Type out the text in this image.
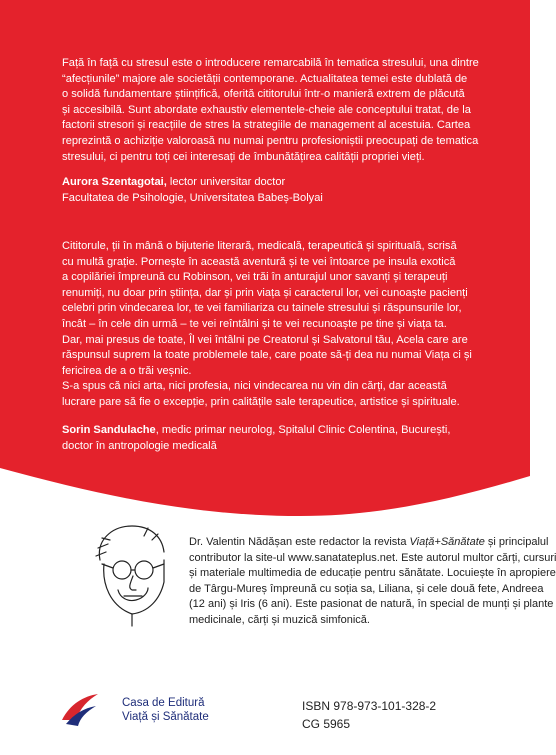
Față în față cu stresul este o introducere remarcabilă în tematica stresului, una dintre
“afecțiunile” majore ale societății contemporane. Actualitatea temei este dublată de
o solidă fundamentare științifică, oferită cititorului într-o manieră extrem de plăcută
și accesibilă. Sunt abordate exhaustiv elementele-cheie ale conceptului tratat, de la
factorii stresori și reacțiile de stres la strategiile de management al acestuia. Cartea
reprezintă o achiziție valoroasă nu numai pentru profesioniștii preocupați de tematica
stresului, ci pentru toți cei interesați de îmbunătățirea calității propriei vieți.
Aurora Szentagotai, lector universitar doctor
Facultatea de Psihologie, Universitatea Babeș-Bolyai
Cititorule, ții în mână o bijuterie literară, medicală, terapeutică și spirituală, scrisă
cu multă grație. Pornește în această aventură și te vei întoarce pe insula exotică
a copilăriei împreună cu Robinson, vei trăi în anturajul unor savanți și terapeuți
renumiți, nu doar prin știința, dar și prin viața și caracterul lor, vei cunoaște pacienți
celebri prin vindecarea lor, te vei familiariza cu tainele stresului și răspunsurile lor,
încât – în cele din urmă – te vei reîntâlni și te vei recunoaște pe tine și viața ta.
Dar, mai presus de toate, Îl vei întâlni pe Creatorul și Salvatorul tău, Acela care are
răspunsul suprem la toate problemele tale, care poate să-ți dea nu numai Viața ci și
fericirea de a o trăi veșnic.
S-a spus că nici arta, nici profesia, nici vindecarea nu vin din cărți, dar această
lucrare pare să fie o excepție, prin calitățile sale terapeutice, artistice și spirituale.
Sorin Sandulache, medic primar neurolog, Spitalul Clinic Colentina, București,
doctor în antropologie medicală
Dr. Valentin Nădășan este redactor la revista Viață+Sănătate și principalul
contributor la site-ul www.sanatateplus.net. Este autorul multor cărți, cursuri
și materiale multimedia de educație pentru sănătate. Locuiește în apropiere
de Târgu-Mureș împreună cu soția sa, Liliana, și cele două fete, Andreea
(12 ani) și Iris (6 ani). Este pasionat de natură, în special de munți și plante
medicinale, cărți și muzică simfonică.
Casa de Editură
Viață și Sănătate
ISBN 978-973-101-328-2
CG 5965
